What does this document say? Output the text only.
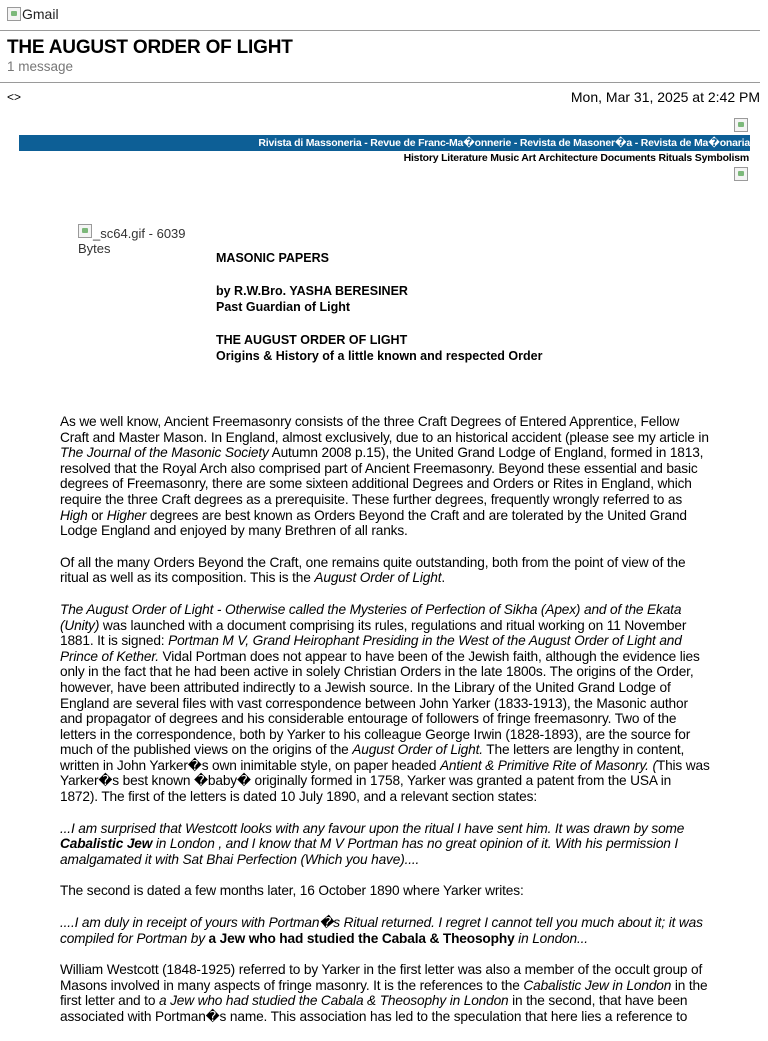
Gmail
THE AUGUST ORDER OF LIGHT
1 message
<>	Mon, Mar 31, 2025 at 2:42 PM
Rivista di Massoneria - Revue de Franc-Ma�onnerie - Revista de Masoner�a - Revista de Ma�onaria
History Literature Music Art Architecture Documents Rituals Symbolism
_sc64.gif - 6039 Bytes

MASONIC PAPERS

by R.W.Bro. YASHA BERESINER
Past Guardian of Light

THE AUGUST ORDER OF LIGHT
Origins & History of a little known and respected Order

As we well know, Ancient Freemasonry consists of the three Craft Degrees of Entered Apprentice, Fellow Craft and Master Mason. In England, almost exclusively, due to an historical accident (please see my article in The Journal of the Masonic Society Autumn 2008 p.15), the United Grand Lodge of England, formed in 1813, resolved that the Royal Arch also comprised part of Ancient Freemasonry. Beyond these essential and basic degrees of Freemasonry, there are some sixteen additional Degrees and Orders or Rites in England, which require the three Craft degrees as a prerequisite. These further degrees, frequently wrongly referred to as High or Higher degrees are best known as Orders Beyond the Craft and are tolerated by the United Grand Lodge England and enjoyed by many Brethren of all ranks.

Of all the many Orders Beyond the Craft, one remains quite outstanding, both from the point of view of the ritual as well as its composition. This is the August Order of Light.

The August Order of Light - Otherwise called the Mysteries of Perfection of Sikha (Apex) and of the Ekata (Unity) was launched with a document comprising its rules, regulations and ritual working on 11 November 1881. It is signed: Portman M V, Grand Heirophant Presiding in the West of the August Order of Light and Prince of Kether. Vidal Portman does not appear to have been of the Jewish faith, although the evidence lies only in the fact that he had been active in solely Christian Orders in the late 1800s. The origins of the Order, however, have been attributed indirectly to a Jewish source. In the Library of the United Grand Lodge of England are several files with vast correspondence between John Yarker (1833-1913), the Masonic author and propagator of degrees and his considerable entourage of followers of fringe freemasonry. Two of the letters in the correspondence, both by Yarker to his colleague George Irwin (1828-1893), are the source for much of the published views on the origins of the August Order of Light. The letters are lengthy in content, written in John Yarker�s own inimitable style, on paper headed Antient & Primitive Rite of Masonry. (This was Yarker�s best known �baby� originally formed in 1758, Yarker was granted a patent from the USA in 1872). The first of the letters is dated 10 July 1890, and a relevant section states:

...I am surprised that Westcott looks with any favour upon the ritual I have sent him. It was drawn by some Cabalistic Jew in London , and I know that M V Portman has no great opinion of it. With his permission I amalgamated it with Sat Bhai Perfection (Which you have)....

The second is dated a few months later, 16 October 1890 where Yarker writes:

....I am duly in receipt of yours with Portman�s Ritual returned. I regret I cannot tell you much about it; it was compiled for Portman by a Jew who had studied the Cabala & Theosophy in London...

William Westcott (1848-1925) referred to by Yarker in the first letter was also a member of the occult group of Masons involved in many aspects of fringe masonry. It is the references to the Cabalistic Jew in London in the first letter and to a Jew who had studied the Cabala & Theosophy in London in the second, that have been associated with Portman�s name. This association has led to the speculation that here lies a reference to
